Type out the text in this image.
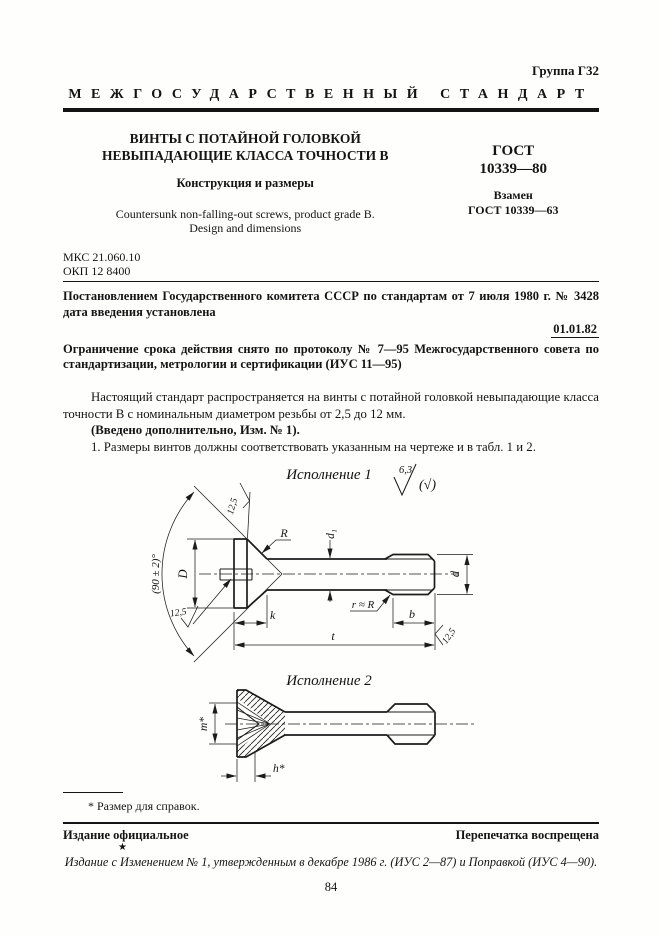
Группа Г32
МЕЖГОСУДАРСТВЕННЫЙ СТАНДАРТ
ВИНТЫ С ПОТАЙНОЙ ГОЛОВКОЙ
НЕВЫПАДАЮЩИЕ КЛАССА ТОЧНОСТИ В
Конструкция и размеры
Countersunk non-falling-out screws, product grade B.
Design and dimensions
ГОСТ
10339—80
Взамен
ГОСТ 10339—63
МКС 21.060.10
ОКП 12 8400
Постановлением Государственного комитета СССР по стандартам от 7 июля 1980 г. № 3428 дата введения установлена
01.01.82
Ограничение срока действия снято по протоколу № 7—95 Межгосударственного совета по стандартизации, метрологии и сертификации (ИУС 11—95)

Настоящий стандарт распространяется на винты с потайной головкой невыпадающие класса точности В с номинальным диаметром резьбы от 2,5 до 12 мм.

(Введено дополнительно, Изм. № 1).

1. Размеры винтов должны соответствовать указанным на чертеже и в табл. 1 и 2.

Исполнение 1	6,3
(√)
(90 ± 2)° D
12,5
12,5
R	d₁
r ≈ R
k	b
t
d
12,5
Исполнение 2
m*
h*
* Размер для справок.
Издание официальное	Перепечатка воспрещена
★
Издание с Изменением № 1, утвержденным в декабре 1986 г. (ИУС 2—87) и Поправкой (ИУС 4—90).
84
